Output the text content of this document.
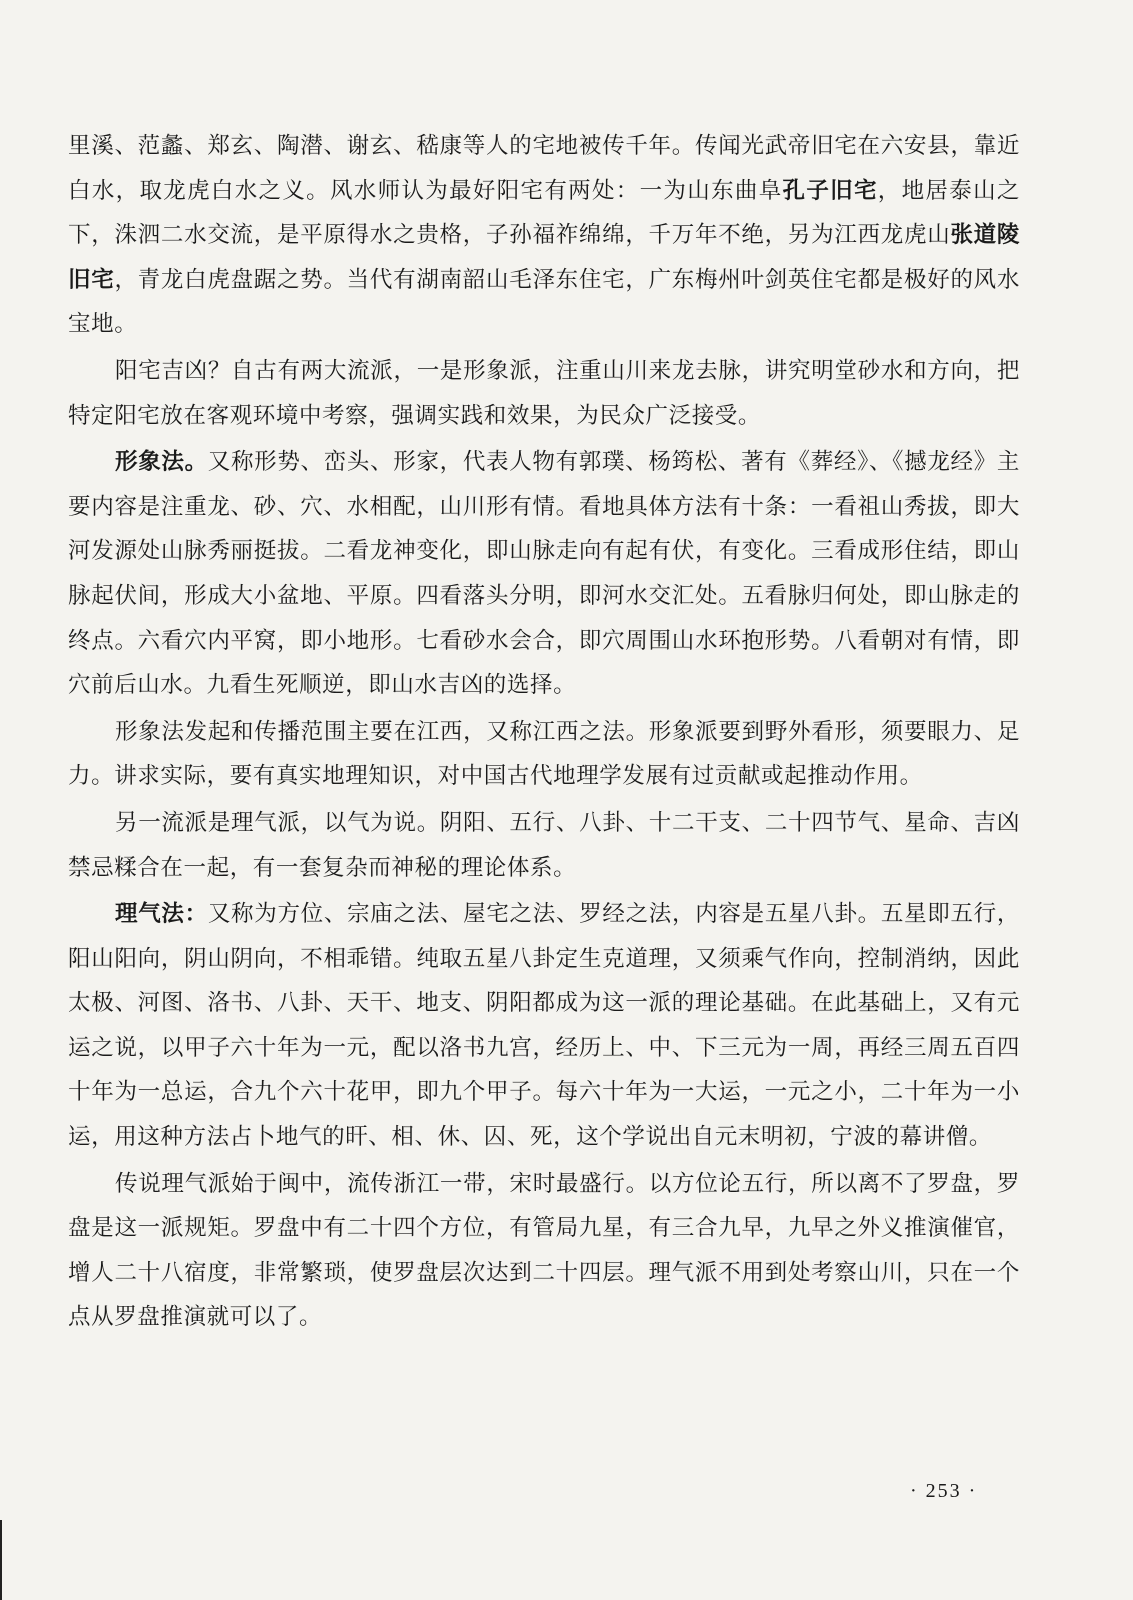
里溪、范蠡、郑玄、陶潜、谢玄、嵇康等人的宅地被传千年。传闻光武帝旧宅在六安县，靠近白水，取龙虎白水之义。风水师认为最好阳宅有两处：一为山东曲阜孔子旧宅，地居泰山之下，洙泗二水交流，是平原得水之贵格，子孙福祚绵绵，千万年不绝，另为江西龙虎山张道陵旧宅，青龙白虎盘踞之势。当代有湖南韶山毛泽东住宅，广东梅州叶剑英住宅都是极好的风水宝地。

阳宅吉凶？自古有两大流派，一是形象派，注重山川来龙去脉，讲究明堂砂水和方向，把特定阳宅放在客观环境中考察，强调实践和效果，为民众广泛接受。

形象法。又称形势、峦头、形家，代表人物有郭璞、杨筠松、著有《葬经》、《撼龙经》主要内容是注重龙、砂、穴、水相配，山川形有情。看地具体方法有十条：一看祖山秀拔，即大河发源处山脉秀丽挺拔。二看龙神变化，即山脉走向有起有伏，有变化。三看成形住结，即山脉起伏间，形成大小盆地、平原。四看落头分明，即河水交汇处。五看脉归何处，即山脉走的终点。六看穴内平窝，即小地形。七看砂水会合，即穴周围山水环抱形势。八看朝对有情，即穴前后山水。九看生死顺逆，即山水吉凶的选择。

形象法发起和传播范围主要在江西，又称江西之法。形象派要到野外看形，须要眼力、足力。讲求实际，要有真实地理知识，对中国古代地理学发展有过贡献或起推动作用。

另一流派是理气派，以气为说。阴阳、五行、八卦、十二干支、二十四节气、星命、吉凶禁忌糅合在一起，有一套复杂而神秘的理论体系。

理气法：又称为方位、宗庙之法、屋宅之法、罗经之法，内容是五星八卦。五星即五行，阳山阳向，阴山阴向，不相乖错。纯取五星八卦定生克道理，又须乘气作向，控制消纳，因此太极、河图、洛书、八卦、天干、地支、阴阳都成为这一派的理论基础。在此基础上，又有元运之说，以甲子六十年为一元，配以洛书九宫，经历上、中、下三元为一周，再经三周五百四十年为一总运，合九个六十花甲，即九个甲子。每六十年为一大运，一元之小，二十年为一小运，用这种方法占卜地气的旰、相、休、囚、死，这个学说出自元末明初，宁波的幕讲僧。

传说理气派始于闽中，流传浙江一带，宋时最盛行。以方位论五行，所以离不了罗盘，罗盘是这一派规矩。罗盘中有二十四个方位，有管局九星，有三合九早，九早之外义推演催官，增人二十八宿度，非常繁琐，使罗盘层次达到二十四层。理气派不用到处考察山川，只在一个点从罗盘推演就可以了。

· 253 ·
